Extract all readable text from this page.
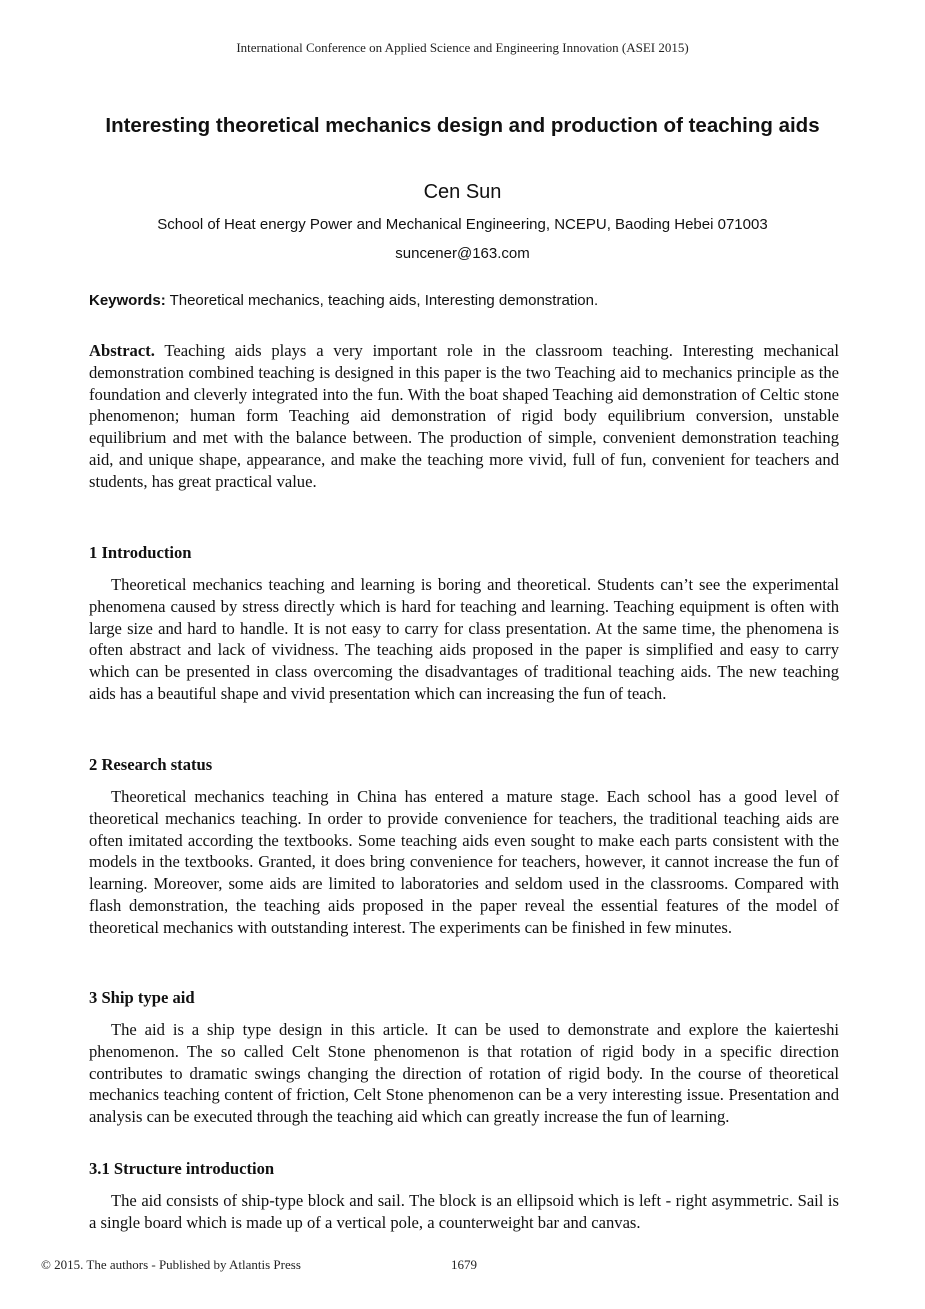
International Conference on Applied Science and Engineering Innovation (ASEI 2015)
Interesting theoretical mechanics design and production of teaching aids
Cen Sun
School of Heat energy Power and Mechanical Engineering, NCEPU, Baoding Hebei 071003
suncener@163.com
Keywords: Theoretical mechanics, teaching aids, Interesting demonstration.
Abstract. Teaching aids plays a very important role in the classroom teaching. Interesting mechanical demonstration combined teaching is designed in this paper is the two Teaching aid to mechanics principle as the foundation and cleverly integrated into the fun. With the boat shaped Teaching aid demonstration of Celtic stone phenomenon; human form Teaching aid demonstration of rigid body equilibrium conversion, unstable equilibrium and met with the balance between. The production of simple, convenient demonstration teaching aid, and unique shape, appearance, and make the teaching more vivid, full of fun, convenient for teachers and students, has great practical value.
1 Introduction
Theoretical mechanics teaching and learning is boring and theoretical. Students can’t see the experimental phenomena caused by stress directly which is hard for teaching and learning. Teaching equipment is often with large size and hard to handle. It is not easy to carry for class presentation. At the same time, the phenomena is often abstract and lack of vividness. The teaching aids proposed in the paper is simplified and easy to carry which can be presented in class overcoming the disadvantages of traditional teaching aids. The new teaching aids has a beautiful shape and vivid presentation which can increasing the fun of teach.
2 Research status
Theoretical mechanics teaching in China has entered a mature stage. Each school has a good level of theoretical mechanics teaching. In order to provide convenience for teachers, the traditional teaching aids are often imitated according the textbooks. Some teaching aids even sought to make each parts consistent with the models in the textbooks. Granted, it does bring convenience for teachers, however, it cannot increase the fun of learning. Moreover, some aids are limited to laboratories and seldom used in the classrooms. Compared with flash demonstration, the teaching aids proposed in the paper reveal the essential features of the model of theoretical mechanics with outstanding interest. The experiments can be finished in few minutes.
3 Ship type aid
The aid is a ship type design in this article. It can be used to demonstrate and explore the kaierteshi phenomenon. The so called Celt Stone phenomenon is that rotation of rigid body in a specific direction contributes to dramatic swings changing the direction of rotation of rigid body. In the course of theoretical mechanics teaching content of friction, Celt Stone phenomenon can be a very interesting issue. Presentation and analysis can be executed through the teaching aid which can greatly increase the fun of learning.
3.1 Structure introduction
The aid consists of ship-type block and sail. The block is an ellipsoid which is left - right asymmetric. Sail is a single board which is made up of a vertical pole, a counterweight bar and canvas.
© 2015. The authors - Published by Atlantis Press	1679
